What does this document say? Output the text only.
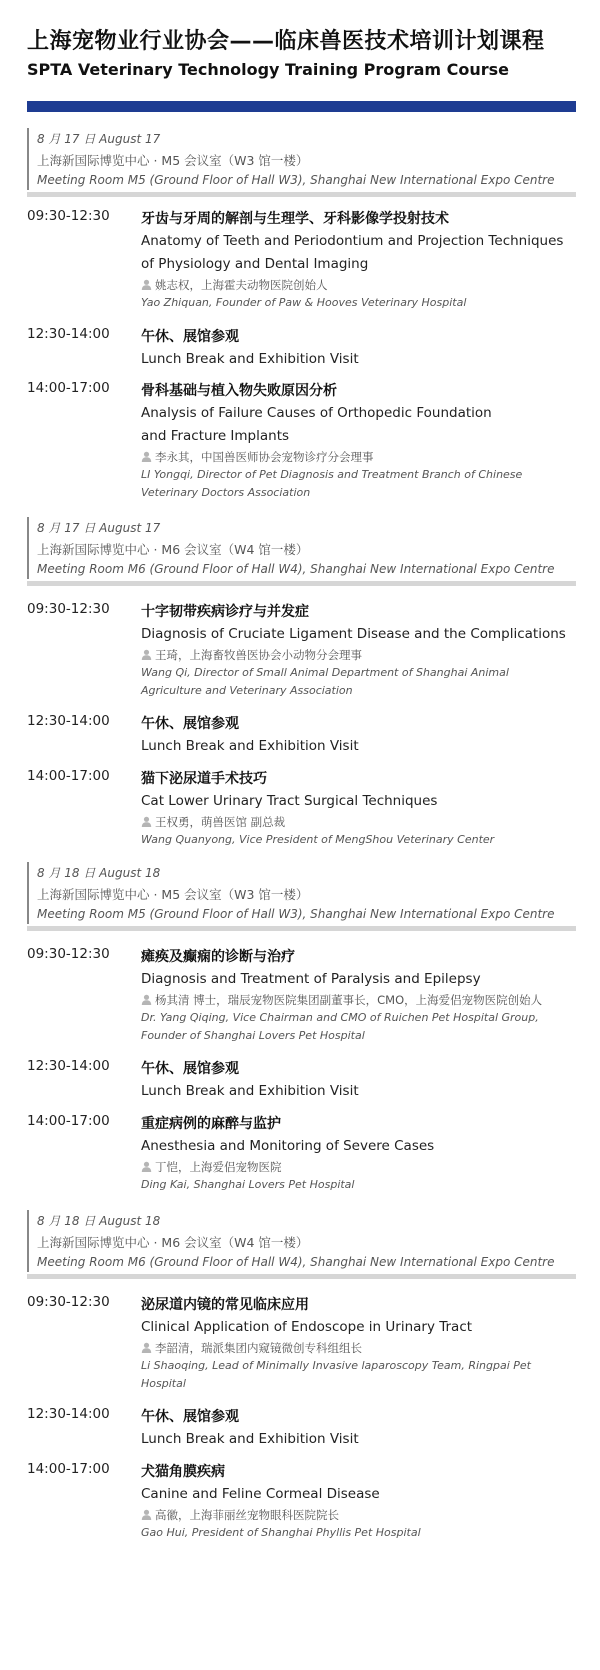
上海宠物业行业协会——临床兽医技术培训计划课程
SPTA Veterinary Technology Training Program Course
8 月 17 日 August 17
上海新国际博览中心 · M5 会议室（W3 馆一楼）
Meeting Room M5 (Ground Floor of Hall W3), Shanghai New International Expo Centre
09:30-12:30 牙齿与牙周的解剖与生理学、牙科影像学投射技术
Anatomy of Teeth and Periodontium and Projection Techniques
of Physiology and Dental Imaging
姚志权，上海霍夫动物医院创始人
Yao Zhiquan, Founder of Paw & Hooves Veterinary Hospital
12:30-14:00 午休、展馆参观
Lunch Break and Exhibition Visit
14:00-17:00 骨科基础与植入物失败原因分析
Analysis of Failure Causes of Orthopedic Foundation
and Fracture Implants
李永其，中国兽医师协会宠物诊疗分会理事
LI Yongqi, Director of Pet Diagnosis and Treatment Branch of Chinese
Veterinary Doctors Association
8 月 17 日 August 17
上海新国际博览中心 · M6 会议室（W4 馆一楼）
Meeting Room M6 (Ground Floor of Hall W4), Shanghai New International Expo Centre
09:30-12:30 十字韧带疾病诊疗与并发症
Diagnosis of Cruciate Ligament Disease and the Complications
王琦，上海畜牧兽医协会小动物分会理事
Wang Qi, Director of Small Animal Department of Shanghai Animal
Agriculture and Veterinary Association
12:30-14:00 午休、展馆参观
Lunch Break and Exhibition Visit
14:00-17:00 猫下泌尿道手术技巧
Cat Lower Urinary Tract Surgical Techniques
王权勇，萌兽医馆 副总裁
Wang Quanyong, Vice President of MengShou Veterinary Center
8 月 18 日 August 18
上海新国际博览中心 · M5 会议室（W3 馆一楼）
Meeting Room M5 (Ground Floor of Hall W3), Shanghai New International Expo Centre
09:30-12:30 瘫痪及癫痫的诊断与治疗
Diagnosis and Treatment of Paralysis and Epilepsy
杨其清 博士，瑞辰宠物医院集团副董事长，CMO，上海爱侣宠物医院创始人
Dr. Yang Qiqing, Vice Chairman and CMO of Ruichen Pet Hospital Group,
Founder of Shanghai Lovers Pet Hospital
12:30-14:00 午休、展馆参观
Lunch Break and Exhibition Visit
14:00-17:00 重症病例的麻醉与监护
Anesthesia and Monitoring of Severe Cases
丁恺，上海爱侣宠物医院
Ding Kai, Shanghai Lovers Pet Hospital
8 月 18 日 August 18
上海新国际博览中心 · M6 会议室（W4 馆一楼）
Meeting Room M6 (Ground Floor of Hall W4), Shanghai New International Expo Centre
09:30-12:30 泌尿道内镜的常见临床应用
Clinical Application of Endoscope in Urinary Tract
李韶清，瑞派集团内窥镜微创专科组组长
Li Shaoqing, Lead of Minimally Invasive laparoscopy Team, Ringpai Pet
Hospital
12:30-14:00 午休、展馆参观
Lunch Break and Exhibition Visit
14:00-17:00 犬猫角膜疾病
Canine and Feline Cormeal Disease
高徽，上海菲丽丝宠物眼科医院院长
Gao Hui, President of Shanghai Phyllis Pet Hospital
